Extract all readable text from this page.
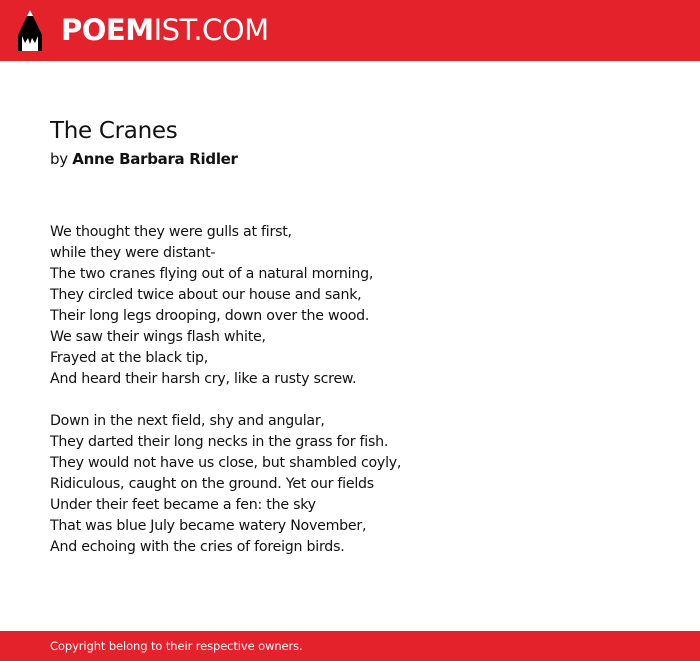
POEMIST.COM
The Cranes

by Anne Barbara Ridler

We thought they were gulls at first,
while they were distant-
The two cranes flying out of a natural morning,
They circled twice about our house and sank,
Their long legs drooping, down over the wood.
We saw their wings flash white,
Frayed at the black tip,
And heard their harsh cry, like a rusty screw.
Down in the next field, shy and angular,
They darted their long necks in the grass for fish.
They would not have us close, but shambled coyly,
Ridiculous, caught on the ground. Yet our fields
Under their feet became a fen: the sky
That was blue July became watery November,
And echoing with the cries of foreign birds.
Copyright belong to their respective owners.
